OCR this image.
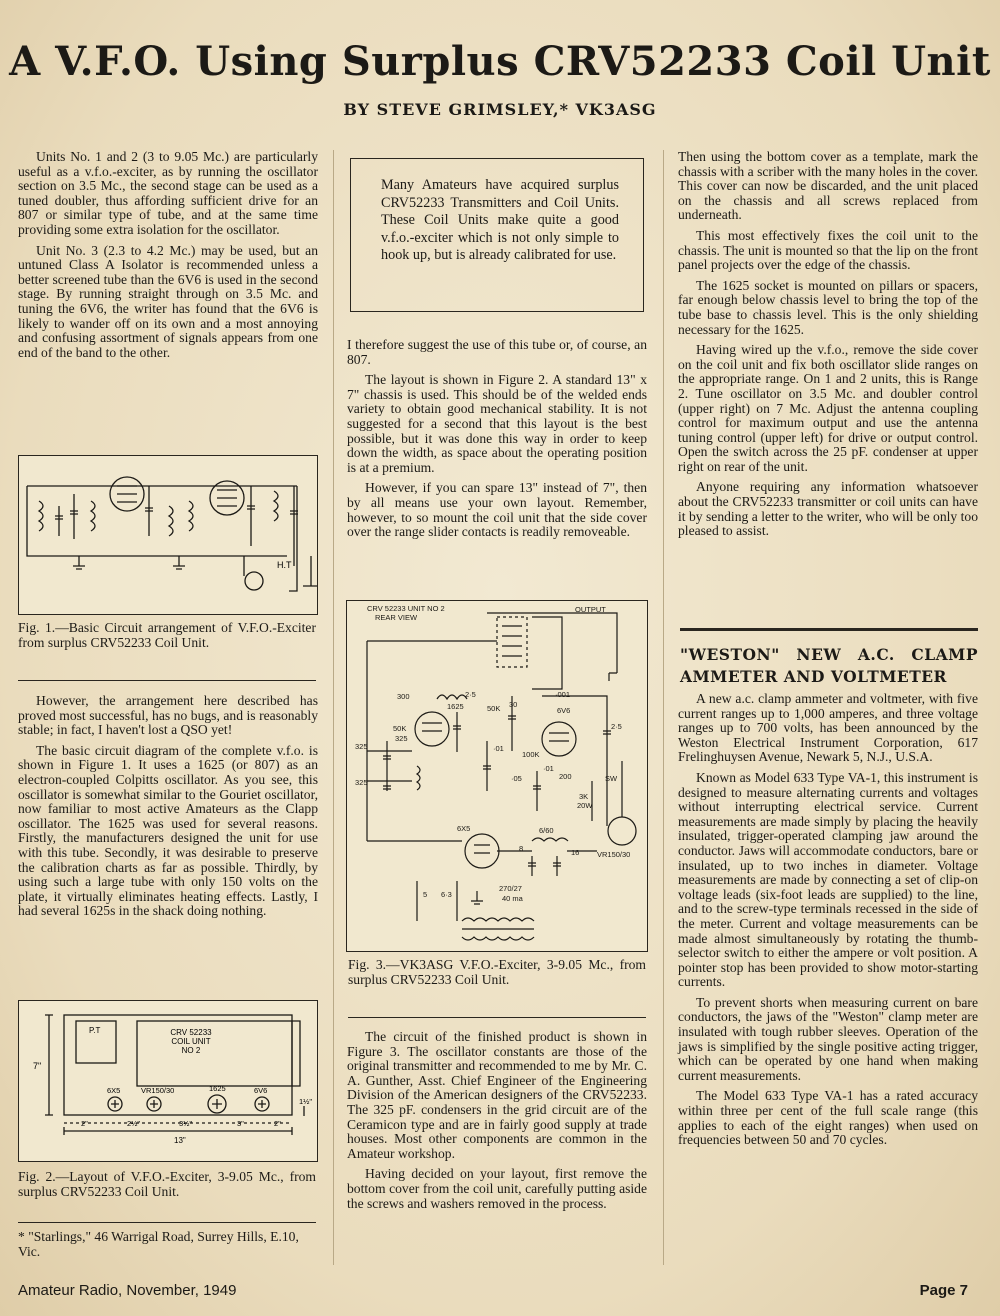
A V.F.O. Using Surplus CRV52233 Coil Unit
BY STEVE GRIMSLEY,* VK3ASG

Units No. 1 and 2 (3 to 9.05 Mc.) are particularly useful as a v.f.o.-exciter, as by running the oscillator section on 3.5 Mc., the second stage can be used as a tuned doubler, thus affording sufficient drive for an 807 or similar type of tube, and at the same time providing some extra isolation for the oscillator.

Unit No. 3 (2.3 to 4.2 Mc.) may be used, but an untuned Class A Isolator is recommended unless a better screened tube than the 6V6 is used in the second stage. By running straight through on 3.5 Mc. and tuning the 6V6, the writer has found that the 6V6 is likely to wander off on its own and a most annoying and confusing assortment of signals appears from one end of the band to the other.

H.T
Fig. 1.—Basic Circuit arrangement of V.F.O.-Exciter from surplus CRV52233 Coil Unit.

However, the arrangement here described has proved most successful, has no bugs, and is reasonably stable; in fact, I haven't lost a QSO yet!

The basic circuit diagram of the complete v.f.o. is shown in Figure 1. It uses a 1625 (or 807) as an electron-coupled Colpitts oscillator. As you see, this oscillator is somewhat similar to the Gouriet oscillator, now familiar to most active Amateurs as the Clapp oscillator. The 1625 was used for several reasons. Firstly, the manufacturers designed the unit for use with this tube. Secondly, it was desirable to preserve the calibration charts as far as possible. Thirdly, by using such a large tube with only 150 volts on the plate, it virtually eliminates heating effects. Lastly, I had several 1625s in the shack doing nothing.

P.T	CRV 52233
COIL UNIT
NO 2
6X5	VR150/30	1625	6V6
7"
13"
2"	2½"	3½"	3"	2"
1½"
Fig. 2.—Layout of V.F.O.-Exciter, 3-9.05 Mc., from surplus CRV52233 Coil Unit.
* "Starlings," 46 Warrigal Road, Surrey Hills, E.10, Vic.

Many Amateurs have acquired surplus CRV52233 Transmitters and Coil Units. These Coil Units make quite a good v.f.o.-exciter which is not only simple to hook up, but is already calibrated for use.

I therefore suggest the use of this tube or, of course, an 807.

The layout is shown in Figure 2. A standard 13" x 7" chassis is used. This should be of the welded ends variety to obtain good mechanical stability. It is not suggested for a second that this layout is the best possible, but it was done this way in order to keep down the width, as space about the operating position is at a premium.

However, if you can spare 13" instead of 7", then by all means use your own layout. Remember, however, to so mount the coil unit that the side cover over the range slider contacts is readily removeable.

CRV 52233 UNIT NO 2
REAR VIEW
OUTPUT
·001
300
1625	50K 30
6V6
2·5
2·5
325
325
325
50K
·01
100K
·05
·01
200
3K
20W
SW
6X5	6/60
8	16
270/27
40 ma
5 6·3
VR150/30
Fig. 3.—VK3ASG V.F.O.-Exciter, 3-9.05 Mc., from surplus CRV52233 Coil Unit.

The circuit of the finished product is shown in Figure 3. The oscillator constants are those of the original transmitter and recommended to me by Mr. C. A. Gunther, Asst. Chief Engineer of the Engineering Division of the American designers of the CRV52233. The 325 pF. condensers in the grid circuit are of the Ceramicon type and are in fairly good supply at trade houses. Most other components are common in the Amateur workshop.

Having decided on your layout, first remove the bottom cover from the coil unit, carefully putting aside the screws and washers removed in the process.

Then using the bottom cover as a template, mark the chassis with a scriber with the many holes in the cover. This cover can now be discarded, and the unit placed on the chassis and all screws replaced from underneath.

This most effectively fixes the coil unit to the chassis. The unit is mounted so that the lip on the front panel projects over the edge of the chassis.

The 1625 socket is mounted on pillars or spacers, far enough below chassis level to bring the top of the tube base to chassis level. This is the only shielding necessary for the 1625.

Having wired up the v.f.o., remove the side cover on the coil unit and fix both oscillator slide ranges on the appropriate range. On 1 and 2 units, this is Range 2. Tune oscillator on 3.5 Mc. and doubler control (upper right) on 7 Mc. Adjust the antenna coupling control for maximum output and use the antenna tuning control (upper left) for drive or output control. Open the switch across the 25 pF. condenser at upper right on rear of the unit.

Anyone requiring any information whatsoever about the CRV52233 transmitter or coil units can have it by sending a letter to the writer, who will be only too pleased to assist.

"WESTON" NEW A.C. CLAMP AMMETER AND VOLTMETER

A new a.c. clamp ammeter and voltmeter, with five current ranges up to 1,000 amperes, and three voltage ranges up to 700 volts, has been announced by the Weston Electrical Instrument Corporation, 617 Frelinghuysen Avenue, Newark 5, N.J., U.S.A.

Known as Model 633 Type VA-1, this instrument is designed to measure alternating currents and voltages without interrupting electrical service. Current measurements are made simply by placing the heavily insulated, trigger-operated clamping jaw around the conductor. Jaws will accommodate conductors, bare or insulated, up to two inches in diameter. Voltage measurements are made by connecting a set of clip-on voltage leads (six-foot leads are supplied) to the line, and to the screw-type terminals recessed in the side of the meter. Current and voltage measurements can be made almost simultaneously by rotating the thumb-selector switch to either the ampere or volt position. A pointer stop has been provided to show motor-starting currents.

To prevent shorts when measuring current on bare conductors, the jaws of the "Weston" clamp meter are insulated with tough rubber sleeves. Operation of the jaws is simplified by the single positive acting trigger, which can be operated by one hand when making current measurements.

The Model 633 Type VA-1 has a rated accuracy within three per cent of the full scale range (this applies to each of the eight ranges) when used on frequencies between 50 and 70 cycles.

Amateur Radio, November, 1949	Page 7
